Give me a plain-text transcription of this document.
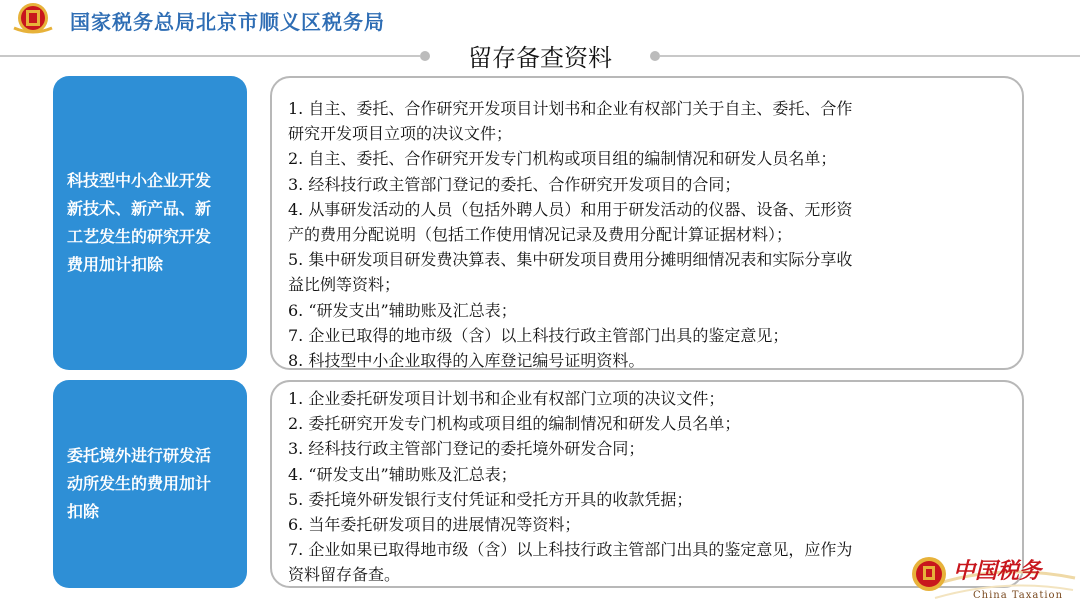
国家税务总局北京市顺义区税务局
留存备查资料
科技型中小企业开发
新技术、新产品、新
工艺发生的研究开发
费用加计扣除
1. 自主、委托、合作研究开发项目计划书和企业有权部门关于自主、委托、合作
研究开发项目立项的决议文件；
2. 自主、委托、合作研究开发专门机构或项目组的编制情况和研发人员名单；
3. 经科技行政主管部门登记的委托、合作研究开发项目的合同；
4. 从事研发活动的人员（包括外聘人员）和用于研发活动的仪器、设备、无形资
产的费用分配说明（包括工作使用情况记录及费用分配计算证据材料）；
5. 集中研发项目研发费决算表、集中研发项目费用分摊明细情况表和实际分享收
益比例等资料；
6. “研发支出”辅助账及汇总表；
7. 企业已取得的地市级（含）以上科技行政主管部门出具的鉴定意见；
8. 科技型中小企业取得的入库登记编号证明资料。
委托境外进行研发活
动所发生的费用加计
扣除
1. 企业委托研发项目计划书和企业有权部门立项的决议文件；
2. 委托研究开发专门机构或项目组的编制情况和研发人员名单；
3. 经科技行政主管部门登记的委托境外研发合同；
4. “研发支出”辅助账及汇总表；
5. 委托境外研发银行支付凭证和受托方开具的收款凭据；
6. 当年委托研发项目的进展情况等资料；
7. 企业如果已取得地市级（含）以上科技行政主管部门出具的鉴定意见，应作为
资料留存备查。	中国税务
China Taxation
